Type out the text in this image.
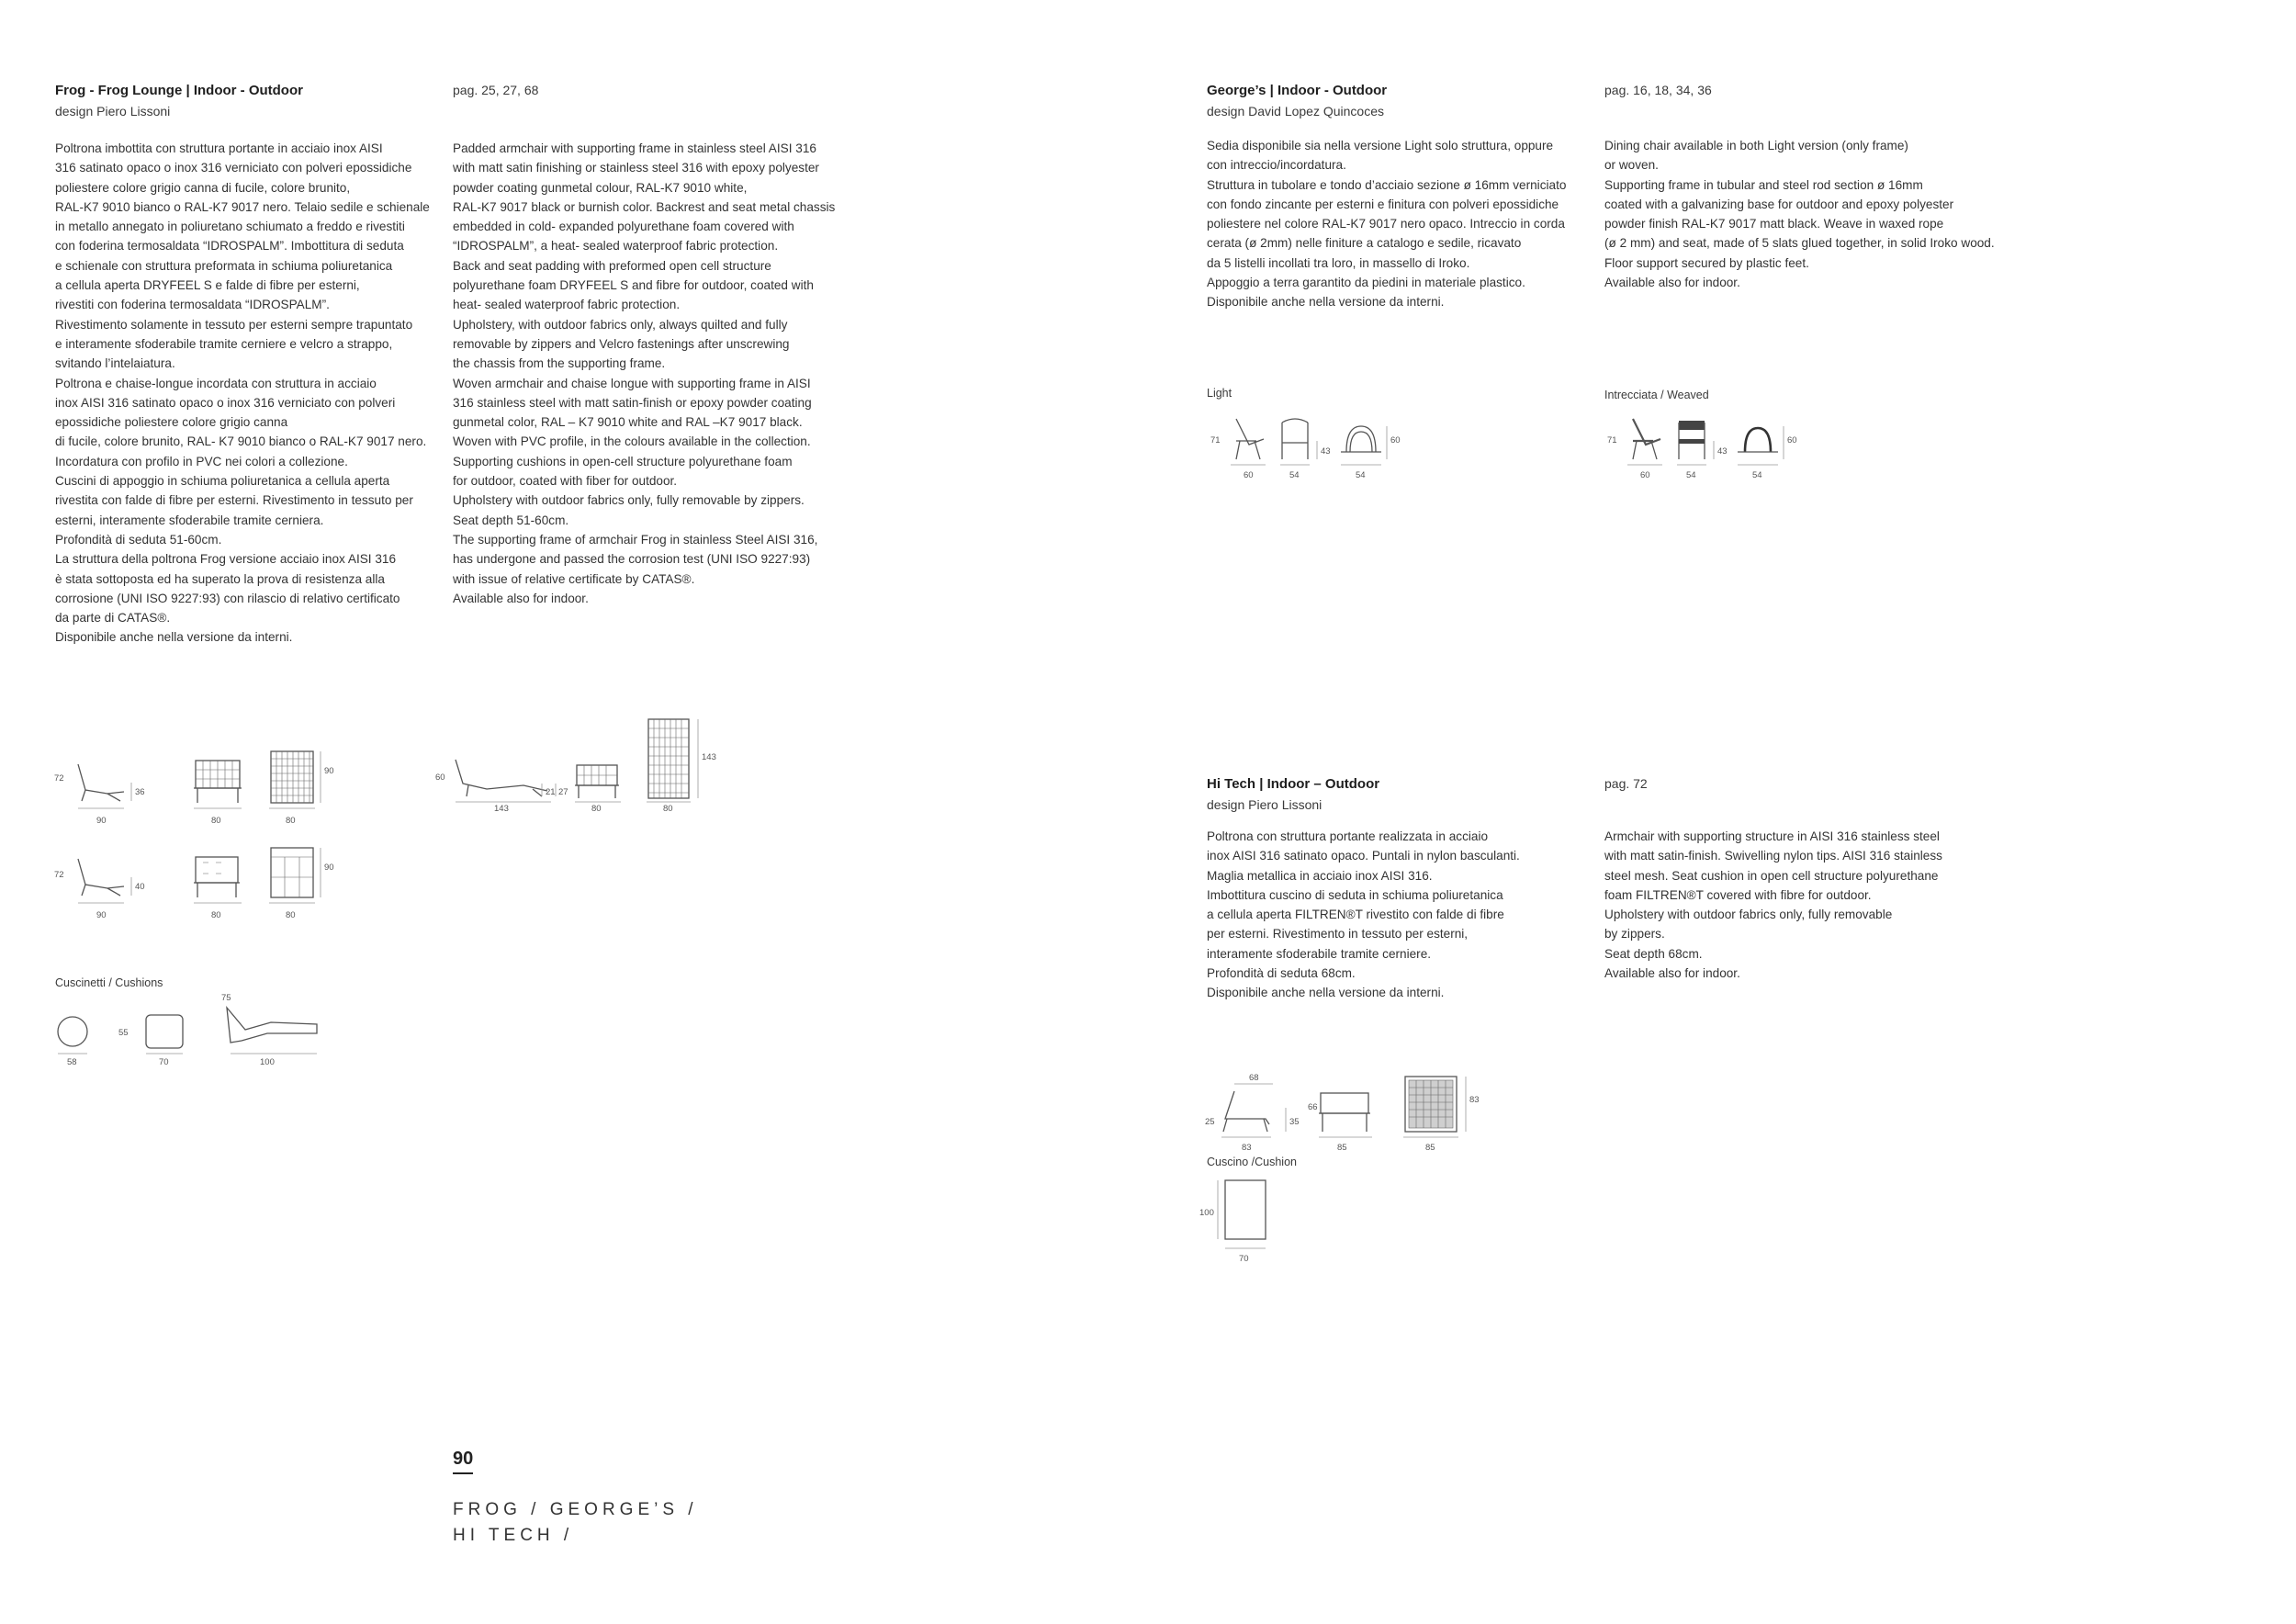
Frog - Frog Lounge | Indoor - Outdoor
design Piero Lissoni
pag. 25, 27, 68

Poltrona imbottita con struttura portante in acciaio inox AISI

316 satinato opaco o inox 316 verniciato con polveri epossidiche

poliestere colore grigio canna di fucile, colore brunito,

RAL-K7 9010 bianco o RAL-K7 9017 nero. Telaio sedile e schienale

in metallo annegato in poliuretano schiumato a freddo e rivestiti

con foderina termosaldata “IDROSPALM”. Imbottitura di seduta

e schienale con struttura preformata in schiuma poliuretanica

a cellula aperta DRYFEEL S e falde di fibre per esterni,

rivestiti con foderina termosaldata “IDROSPALM”.

Rivestimento solamente in tessuto per esterni sempre trapuntato

e interamente sfoderabile tramite cerniere e velcro a strappo,

svitando l’intelaiatura.

Poltrona e chaise-longue incordata con struttura in acciaio

inox AISI 316 satinato opaco o inox 316 verniciato con polveri

epossidiche poliestere colore grigio canna

di fucile, colore brunito, RAL- K7 9010 bianco o RAL-K7 9017 nero.

Incordatura con profilo in PVC nei colori a collezione.

Cuscini di appoggio in schiuma poliuretanica a cellula aperta

rivestita con falde di fibre per esterni. Rivestimento in tessuto per

esterni, interamente sfoderabile tramite cerniera.

Profondità di seduta 51-60cm.

La struttura della poltrona Frog versione acciaio inox AISI 316

è stata sottoposta ed ha superato la prova di resistenza alla

corrosione (UNI ISO 9227:93) con rilascio di relativo certificato

da parte di CATAS®.

Disponibile anche nella versione da interni.

Padded armchair with supporting frame in stainless steel AISI 316

with matt satin finishing or stainless steel 316 with epoxy polyester

powder coating gunmetal colour, RAL-K7 9010 white,

RAL-K7 9017 black or burnish color. Backrest and seat metal chassis

embedded in cold- expanded polyurethane foam covered with

“IDROSPALM”, a heat- sealed waterproof fabric protection.

Back and seat padding with preformed open cell structure

polyurethane foam DRYFEEL S and fibre for outdoor, coated with

heat- sealed waterproof fabric protection.

Upholstery, with outdoor fabrics only, always quilted and fully

removable by zippers and Velcro fastenings after unscrewing

the chassis from the supporting frame.

Woven armchair and chaise longue with supporting frame in AISI

316 stainless steel with matt satin-finish or epoxy powder coating

gunmetal color, RAL – K7 9010 white and RAL –K7 9017 black.

Woven with PVC profile, in the colours available in the collection.

Supporting cushions in open-cell structure polyurethane foam

for outdoor, coated with fiber for outdoor.

Upholstery with outdoor fabrics only, fully removable by zippers.

Seat depth 51-60cm.

The supporting frame of armchair Frog in stainless Steel AISI 316,

has undergone and passed the corrosion test (UNI ISO 9227:93)

with issue of relative certificate by CATAS®.

Available also for indoor.

72
36
90	80
90
80
72
40
90	80
90
80
60
21 27
143	80
143
80
Cuscinetti / Cushions
58
55
70
75
100
George’s | Indoor - Outdoor
design David Lopez Quincoces
pag. 16, 18, 34, 36

Sedia disponibile sia nella versione Light solo struttura, oppure

con intreccio/incordatura.

Struttura in tubolare e tondo d’acciaio sezione ø 16mm verniciato

con fondo zincante per esterni e finitura con polveri epossidiche

poliestere nel colore RAL-K7 9017 nero opaco. Intreccio in corda

cerata (ø 2mm) nelle finiture a catalogo e sedile, ricavato

da 5 listelli incollati tra loro, in massello di Iroko.

Appoggio a terra garantito da piedini in materiale plastico.

Disponibile anche nella versione da interni.

Dining chair available in both Light version (only frame)

or woven.

Supporting frame in tubular and steel rod section ø 16mm

coated with a galvanizing base for outdoor and epoxy polyester

powder finish RAL-K7 9017 matt black. Weave in waxed rope

(ø 2 mm) and seat, made of 5 slats glued together, in solid Iroko wood.

Floor support secured by plastic feet.

Available also for indoor.

Light
71
60	54
43
60
54
Intrecciata / Weaved
71
60	54
43
60
54
Hi Tech | Indoor – Outdoor
design Piero Lissoni
pag. 72

Poltrona con struttura portante realizzata in acciaio

inox AISI 316 satinato opaco. Puntali in nylon basculanti.

Maglia metallica in acciaio inox AISI 316.

Imbottitura cuscino di seduta in schiuma poliuretanica

a cellula aperta FILTREN®T rivestito con falde di fibre

per esterni. Rivestimento in tessuto per esterni,

interamente sfoderabile tramite cerniere.

Profondità di seduta 68cm.

Disponibile anche nella versione da interni.

Armchair with supporting structure in AISI 316 stainless steel

with matt satin-finish. Swivelling nylon tips. AISI 316 stainless

steel mesh. Seat cushion in open cell structure polyurethane

foam FILTREN®T covered with fibre for outdoor.

Upholstery with outdoor fabrics only, fully removable

by zippers.

Seat depth 68cm.

Available also for indoor.

68
25	35
83
66
85
83
85
Cuscino /Cushion
100
70
90
FROG / GEORGE’S /
HI TECH /
